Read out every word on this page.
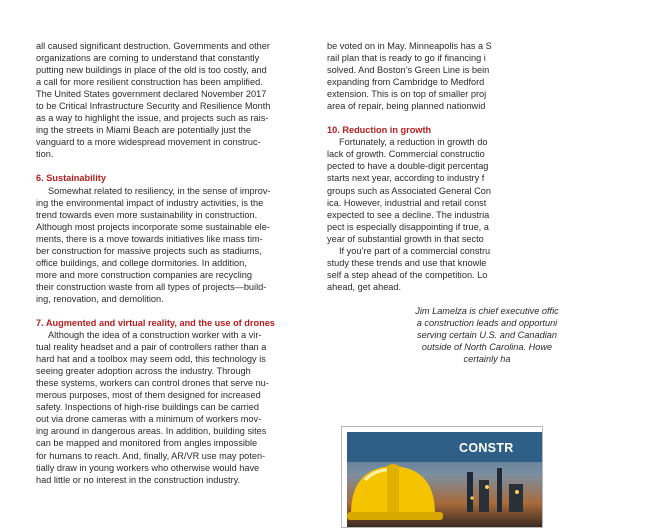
all caused significant destruction. Governments and other
organizations are coming to understand that constantly
putting new buildings in place of the old is too costly, and
a call for more resilient construction has been amplified.
The United States government declared November 2017
to be Critical Infrastructure Security and Resilience Month
as a way to highlight the issue, and projects such as rais-
ing the streets in Miami Beach are potentially just the
vanguard to a more widespread movement in construc-
tion.
6. Sustainability
Somewhat related to resiliency, in the sense of improv-
ing the environmental impact of industry activities, is the
trend towards even more sustainability in construction.
Although most projects incorporate some sustainable ele-
ments, there is a move towards initiatives like mass tim-
ber construction for massive projects such as stadiums,
office buildings, and college dormitories. In addition,
more and more construction companies are recycling
their construction waste from all types of projects—build-
ing, renovation, and demolition.
7. Augmented and virtual reality, and the use of drones
Although the idea of a construction worker with a vir-
tual reality headset and a pair of controllers rather than a
hard hat and a toolbox may seem odd, this technology is
seeing greater adoption across the industry. Through
these systems, workers can control drones that serve nu-
merous purposes, most of them designed for increased
safety. Inspections of high-rise buildings can be carried
out via drone cameras with a minimum of workers mov-
ing around in dangerous areas. In addition, building sites
can be mapped and monitored from angles impossible
for humans to reach. And, finally, AR/VR use may poten-
tially draw in young workers who otherwise would have
had little or no interest in the construction industry.
be voted on in May. Minneapolis has a S
rail plan that is ready to go if financing i
solved. And Boston’s Green Line is bein
expanding from Cambridge to Medford
extension. This is on top of smaller proj
area of repair, being planned nationwid
10. Reduction in growth
Fortunately, a reduction in growth do
lack of growth. Commercial constructio
pected to have a double-digit percentag
starts next year, according to industry f
groups such as Associated General Con
ica. However, industrial and retail const
expected to see a decline. The industria
pect is especially disappointing if true, a
year of substantial growth in that secto
If you’re part of a commercial constru
study these trends and use that knowle
self a step ahead of the competition. Lo
ahead, get ahead.
Jim Lamelza is chief executive offic
a construction leads and opportuni
serving certain U.S. and Canadian
outside of North Carolina. Howe
certainly ha
CONSTR
